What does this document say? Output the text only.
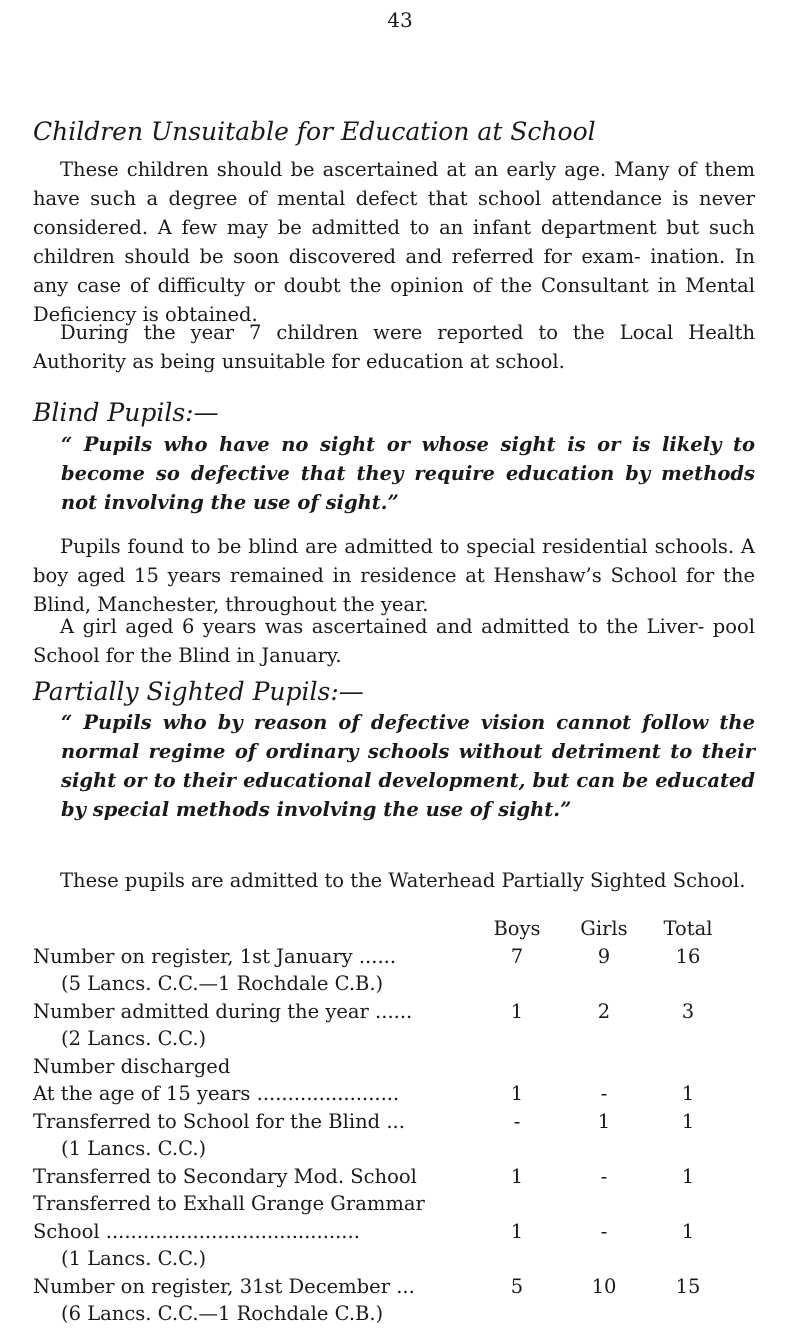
43
Children Unsuitable for Education at School

These children should be ascertained at an early age. Many of them have such a degree of mental defect that school attendance is never considered. A few may be admitted to an infant department but such children should be soon discovered and referred for exam- ination. In any case of difficulty or doubt the opinion of the Consultant in Mental Deficiency is obtained.

During the year 7 children were reported to the Local Health Authority as being unsuitable for education at school.

Blind Pupils:—

“ Pupils who have no sight or whose sight is or is likely to become so defective that they require education by methods not involving the use of sight.”

Pupils found to be blind are admitted to special residential schools. A boy aged 15 years remained in residence at Henshaw’s School for the Blind, Manchester, throughout the year.

A girl aged 6 years was ascertained and admitted to the Liver- pool School for the Blind in January.

Partially Sighted Pupils:—

“ Pupils who by reason of defective vision cannot follow the normal regime of ordinary schools without detriment to their sight or to their educational development, but can be educated by special methods involving the use of sight.”

These pupils are admitted to the Waterhead Partially Sighted School.

Boys	Girls	Total
Number on register, 1st January ......	7	9	16
(5 Lancs. C.C.—1 Rochdale C.B.)
Number admitted during the year ......	1	2	3
(2 Lancs. C.C.)
Number discharged
At the age of 15 years .......................	1	-	1
Transferred to School for the Blind ...	-	1	1
(1 Lancs. C.C.)
Transferred to Secondary Mod. School	1	-	1
Transferred to Exhall Grange Grammar
School .........................................	1	-	1
(1 Lancs. C.C.)
Number on register, 31st December ...	5	10	15
(6 Lancs. C.C.—1 Rochdale C.B.)
